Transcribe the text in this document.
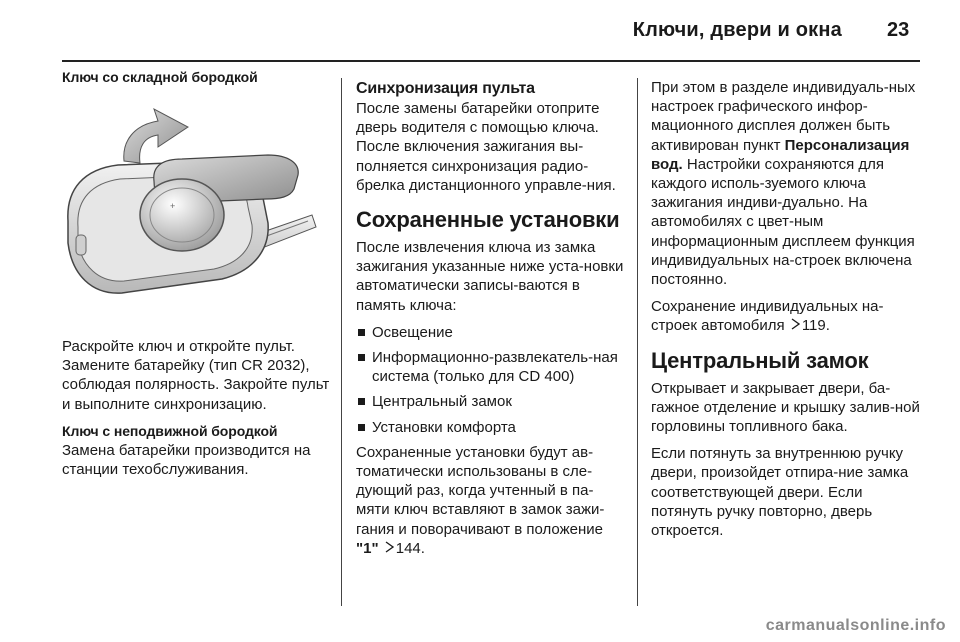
Ключи, двери и окна 23

Ключ со складной бородкой

+

Раскройте ключ и откройте пульт. Замените батарейку (тип CR 2032), соблюдая полярность. Закройте пульт и выполните синхронизацию.

Ключ с неподвижной бородкой

Замена батарейки производится на станции техобслуживания.

Синхронизация пульта

После замены батарейки отоприте дверь водителя с помощью ключа. После включения зажигания вы-полняется синхронизация радио-брелка дистанционного управле-ния.

Сохраненные установки

После извлечения ключа из замка зажигания указанные ниже уста-новки автоматически записы-ваются в память ключа:

Освещение
Информационно-развлекатель-ная система (только для CD 400)
Центральный замок
Установки комфорта

Сохраненные установки будут ав-томатически использованы в сле-дующий раз, когда учтенный в па-мяти ключ вставляют в замок зажи-гания и поворачивают в положение "1" 144.

При этом в разделе индивидуаль-ных настроек графического инфор-мационного дисплея должен быть активирован пункт Персонализация вод. Настройки сохраняются для каждого исполь-зуемого ключа зажигания индиви-дуально. На автомобилях с цвет-ным информационным дисплеем функция индивидуальных на-строек включена постоянно.

Сохранение индивидуальных на-строек автомобиля 119.

Центральный замок

Открывает и закрывает двери, ба-гажное отделение и крышку залив-ной горловины топливного бака.

Если потянуть за внутреннюю ручку двери, произойдет отпира-ние замка соответствующей двери. Если потянуть ручку повторно, дверь откроется.

carmanualsonline.info
